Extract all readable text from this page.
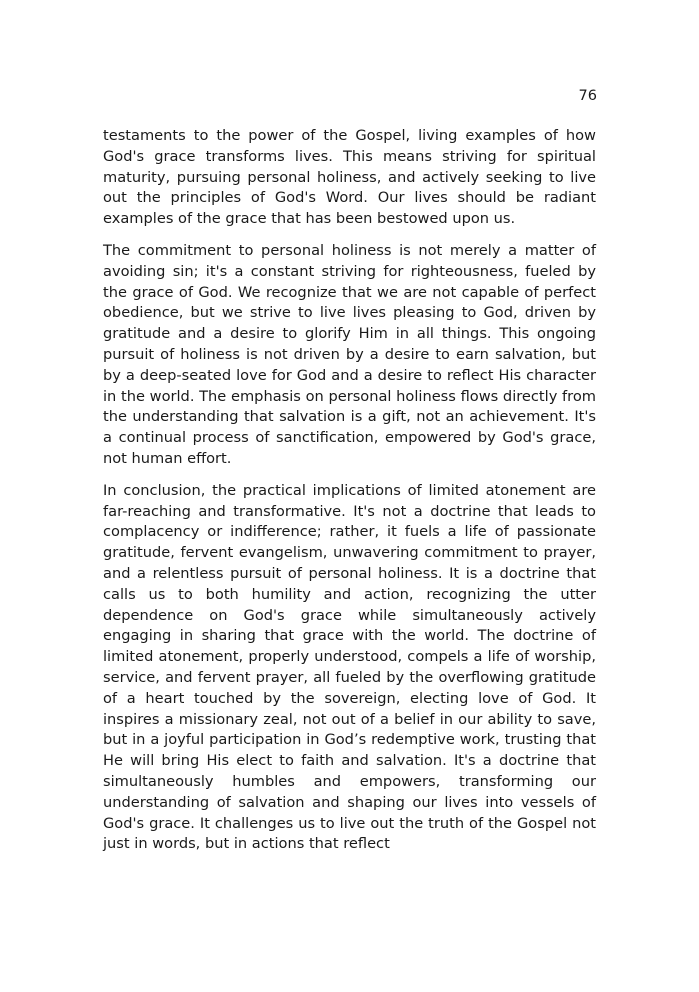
76

testaments to the power of the Gospel, living examples of how God's grace transforms lives. This means striving for spiritual maturity, pursuing personal holiness, and actively seeking to live out the principles of God's Word. Our lives should be radiant examples of the grace that has been bestowed upon us.

The commitment to personal holiness is not merely a matter of avoiding sin; it's a constant striving for righteousness, fueled by the grace of God. We recognize that we are not capable of perfect obedience, but we strive to live lives pleasing to God, driven by gratitude and a desire to glorify Him in all things. This ongoing pursuit of holiness is not driven by a desire to earn salvation, but by a deep-seated love for God and a desire to reflect His character in the world. The emphasis on personal holiness flows directly from the understanding that salvation is a gift, not an achievement. It's a continual process of sanctification, empowered by God's grace, not human effort.

In conclusion, the practical implications of limited atonement are far-reaching and transformative. It's not a doctrine that leads to complacency or indifference; rather, it fuels a life of passionate gratitude, fervent evangelism, unwavering commitment to prayer, and a relentless pursuit of personal holiness. It is a doctrine that calls us to both humility and action, recognizing the utter dependence on God's grace while simultaneously actively engaging in sharing that grace with the world. The doctrine of limited atonement, properly understood, compels a life of worship, service, and fervent prayer, all fueled by the overflowing gratitude of a heart touched by the sovereign, electing love of God. It inspires a missionary zeal, not out of a belief in our ability to save, but in a joyful participation in God’s redemptive work, trusting that He will bring His elect to faith and salvation. It's a doctrine that simultaneously humbles and empowers, transforming our understanding of salvation and shaping our lives into vessels of God's grace. It challenges us to live out the truth of the Gospel not just in words, but in actions that reflect
